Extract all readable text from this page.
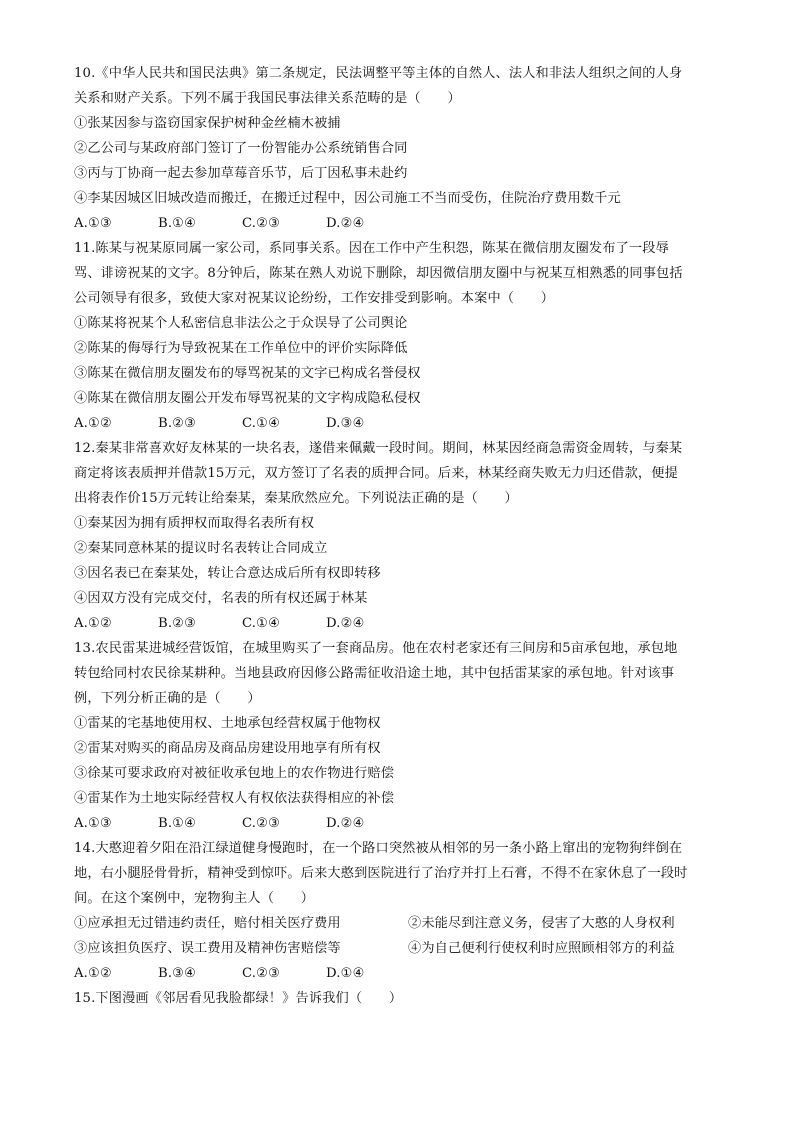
10.《中华人民共和国民法典》第二条规定，民法调整平等主体的自然人、法人和非法人组织之间的人身
关系和财产关系。下列不属于我国民事法律关系范畴的是（　　）
①张某因参与盗窃国家保护树种金丝楠木被捕
②乙公司与某政府部门签订了一份智能办公系统销售合同
③丙与丁协商一起去参加草莓音乐节，后丁因私事未赴约
④李某因城区旧城改造而搬迁，在搬迁过程中，因公司施工不当而受伤，住院治疗费用数千元
A.①③	B.①④	C.②③	D.②④
11.陈某与祝某原同属一家公司，系同事关系。因在工作中产生积怨，陈某在微信朋友圈发布了一段辱
骂、诽谤祝某的文字。8分钟后，陈某在熟人劝说下删除，却因微信朋友圈中与祝某互相熟悉的同事包括
公司领导有很多，致使大家对祝某议论纷纷，工作安排受到影响。本案中（　　）
①陈某将祝某个人私密信息非法公之于众误导了公司舆论
②陈某的侮辱行为导致祝某在工作单位中的评价实际降低
③陈某在微信朋友圈发布的辱骂祝某的文字已构成名誉侵权
④陈某在微信朋友圈公开发布辱骂祝某的文字构成隐私侵权
A.①②	B.②③	C.①④	D.③④
12.秦某非常喜欢好友林某的一块名表，遂借来佩戴一段时间。期间，林某因经商急需资金周转，与秦某
商定将该表质押并借款15万元，双方签订了名表的质押合同。后来，林某经商失败无力归还借款，便提
出将表作价15万元转让给秦某，秦某欣然应允。下列说法正确的是（　　）
①秦某因为拥有质押权而取得名表所有权
②秦某同意林某的提议时名表转让合同成立
③因名表已在秦某处，转让合意达成后所有权即转移
④因双方没有完成交付，名表的所有权还属于林某
A.①②	B.②③	C.①④	D.②④
13.农民雷某进城经营饭馆，在城里购买了一套商品房。他在农村老家还有三间房和5亩承包地，承包地
转包给同村农民徐某耕种。当地县政府因修公路需征收沿途土地，其中包括雷某家的承包地。针对该事
例，下列分析正确的是（　　）
①雷某的宅基地使用权、土地承包经营权属于他物权
②雷某对购买的商品房及商品房建设用地享有所有权
③徐某可要求政府对被征收承包地上的农作物进行赔偿
④雷某作为土地实际经营权人有权依法获得相应的补偿
A.①③	B.①④	C.②③	D.②④
14.大憨迎着夕阳在沿江绿道健身慢跑时，在一个路口突然被从相邻的另一条小路上窜出的宠物狗绊倒在
地，右小腿胫骨骨折，精神受到惊吓。后来大憨到医院进行了治疗并打上石膏，不得不在家休息了一段时
间。在这个案例中，宠物狗主人（　　）
①应承担无过错违约责任，赔付相关医疗费用	②未能尽到注意义务，侵害了大憨的人身权利
③应该担负医疗、误工费用及精神伤害赔偿等	④为自己便利行使权利时应照顾相邻方的利益
A.①②	B.③④	C.②③	D.①④
15.下图漫画《邻居看见我脸都绿！》告诉我们（　　）
